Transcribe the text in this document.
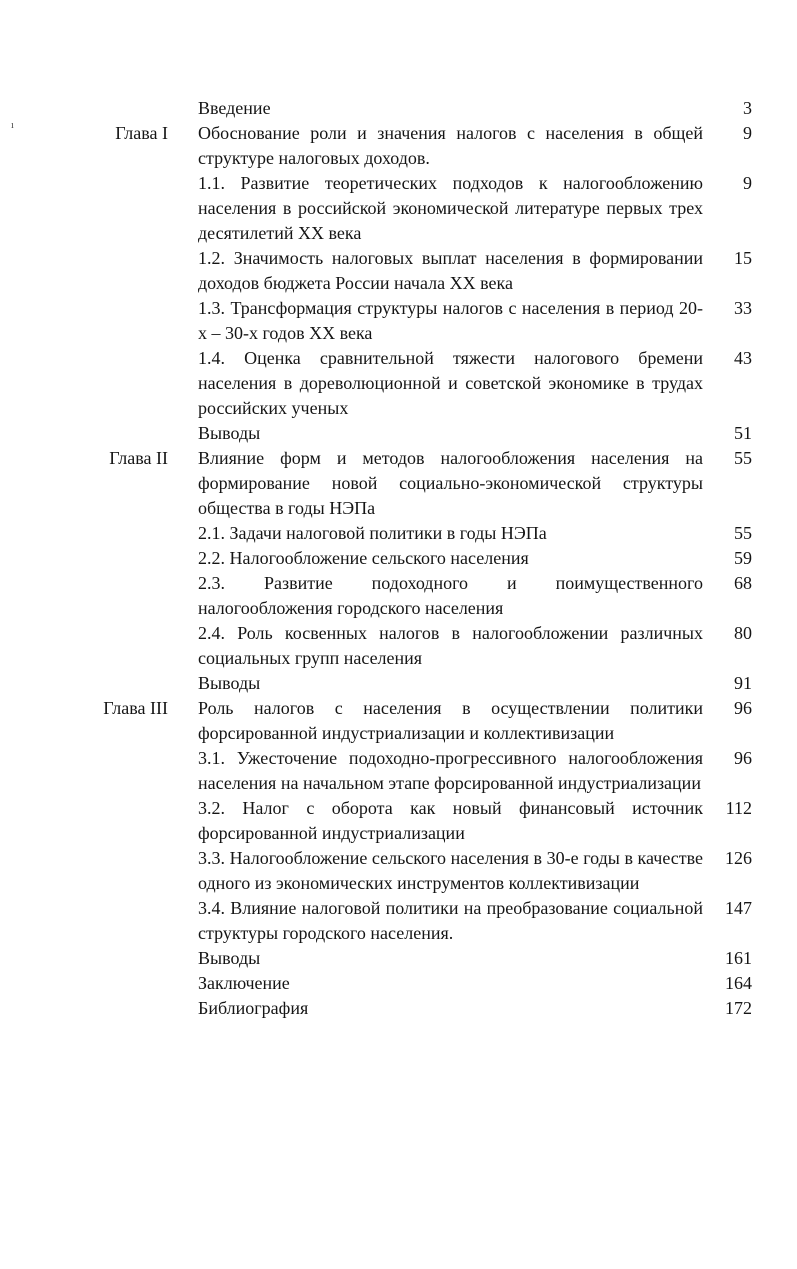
ı
Введение	3
Глава I	Обоснование роли и значения налогов с населения в общей структуре налоговых доходов.
9
1.1. Развитие теоретических подходов к налогообложению населения в российской экономической литературе первых трех десятилетий XX века
9
1.2. Значимость налоговых выплат населения в формировании доходов бюджета России начала XX века
15
1.3. Трансформация структуры налогов с населения в период 20-х – 30-х годов XX века
33
1.4. Оценка сравнительной тяжести налогового бремени населения в дореволюционной и советской экономике в трудах российских ученых
43
Выводы	51
Глава II	Влияние форм и методов налогообложения населения на формирование новой социально-экономической структуры общества в годы НЭПа
55
2.1. Задачи налоговой политики в годы НЭПа	55
2.2. Налогообложение сельского населения	59
2.3. Развитие подоходного и поимущественного налогообложения городского населения
68
2.4. Роль косвенных налогов в налогообложении различных социальных групп населения
80
Выводы	91
Глава III	Роль налогов с населения в осуществлении политики форсированной индустриализации и коллективизации
96
3.1. Ужесточение подоходно-прогрессивного налогообложения населения на начальном этапе форсированной индустриализации
96
3.2. Налог с оборота как новый финансовый источник форсированной индустриализации
112
3.3. Налогообложение сельского населения в 30-е годы в качестве одного из экономических инструментов коллективизации
126
3.4. Влияние налоговой политики на преобразование социальной структуры городского населения.
147
Выводы	161
Заключение	164
Библиография	172
